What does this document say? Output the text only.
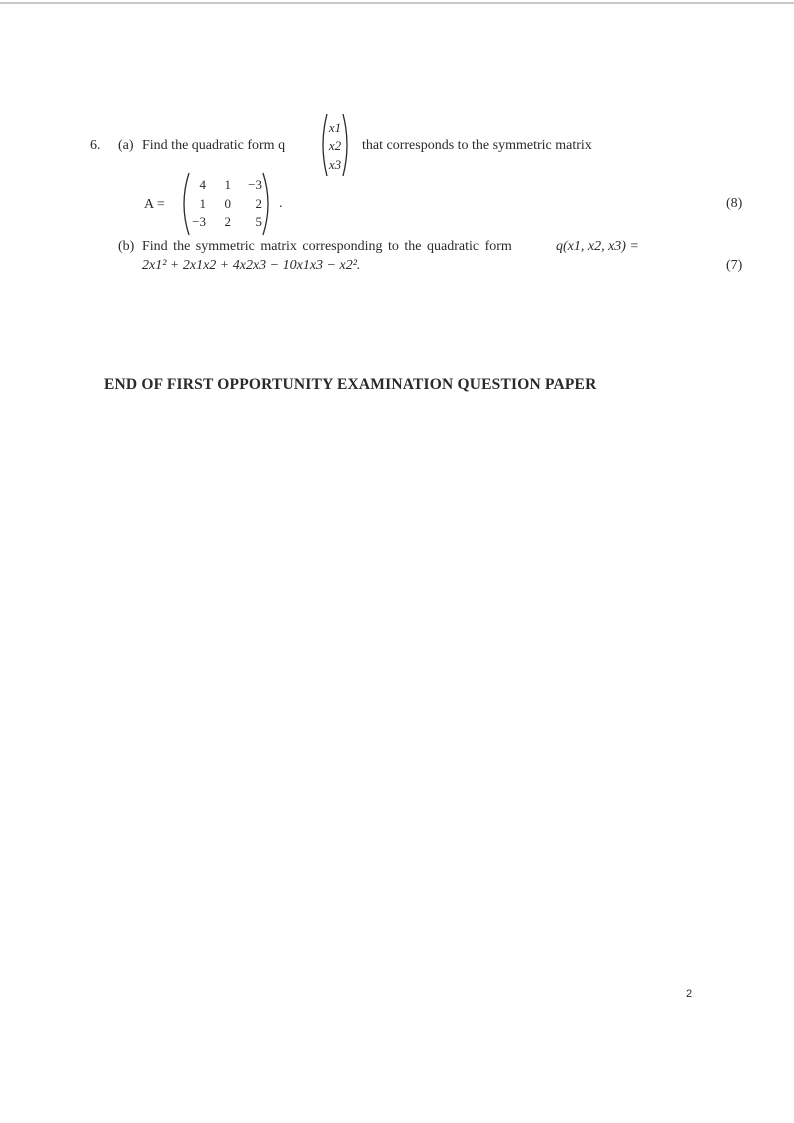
6. (a) Find the quadratic form q
x1
x2
x3
that corresponds to the symmetric matrix
A =
4	1	−3
1	0	2
−3	2	5
.	(8)
(b) Find the symmetric matrix corresponding to the quadratic form	q(x1, x2, x3) =
2x1² + 2x1x2 + 4x2x3 − 10x1x3 − x2².	(7)
END OF FIRST OPPORTUNITY EXAMINATION QUESTION PAPER
2
